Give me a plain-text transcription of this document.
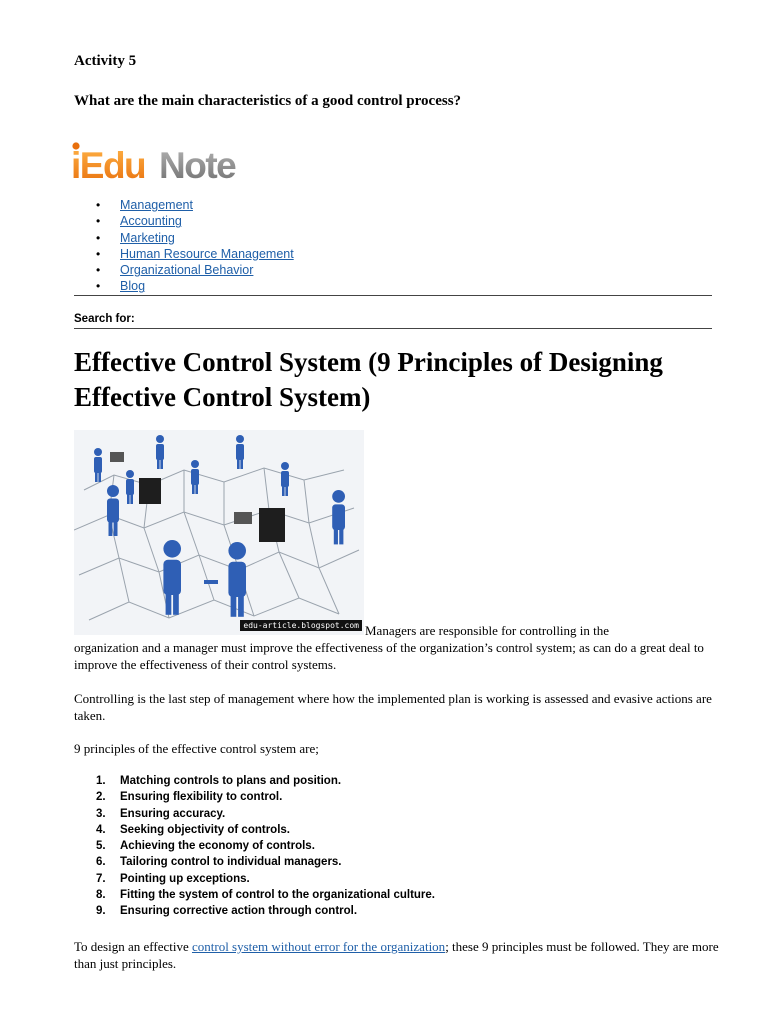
Activity 5
What are the main characteristics of a good control process?
iEdu Note
• Management
• Accounting
• Marketing
• Human Resource Management
• Organizational Behavior
• Blog
Search for:
Effective Control System (9 Principles of Designing Effective Control System)
edu-article.blogspot.com Managers are responsible for controlling in the
organization and a manager must improve the effectiveness of the organization’s control system; as can do a great deal to improve the effectiveness of their control systems.
Controlling is the last step of management where how the implemented plan is working is assessed and evasive actions are taken.
9 principles of the effective control system are;
1. Matching controls to plans and position.
2. Ensuring flexibility to control.
3. Ensuring accuracy.
4. Seeking objectivity of controls.
5. Achieving the economy of controls.
6. Tailoring control to individual managers.
7. Pointing up exceptions.
8. Fitting the system of control to the organizational culture.
9. Ensuring corrective action through control.
To design an effective control system without error for the organization; these 9 principles must be followed. They are more than just principles.
